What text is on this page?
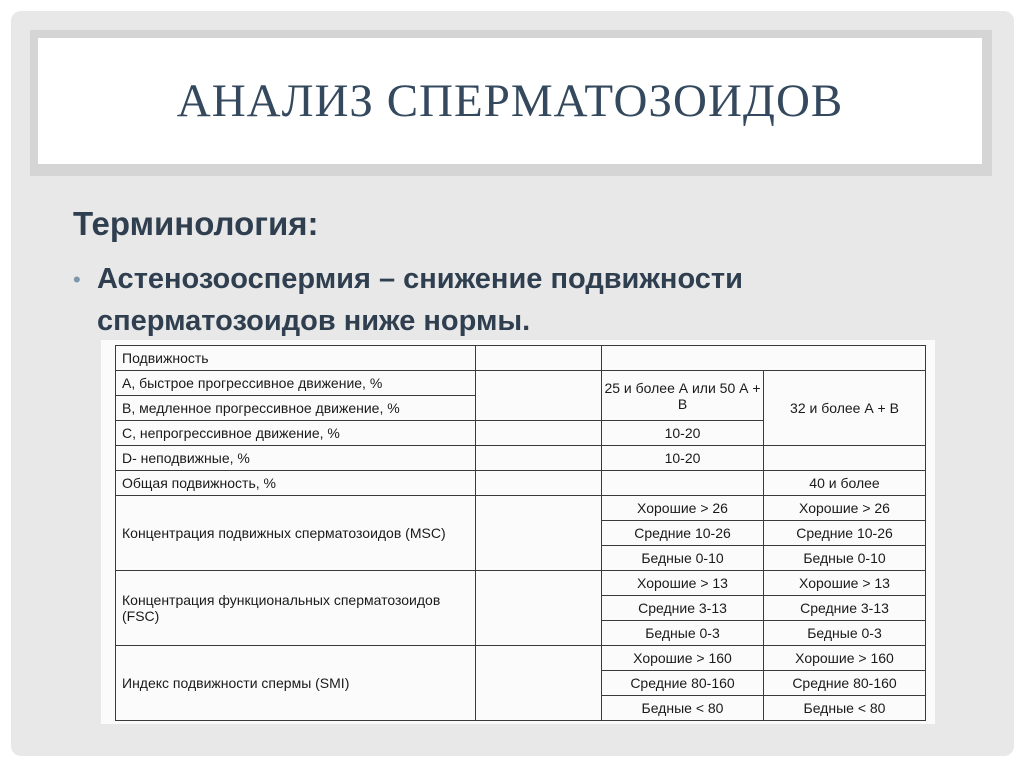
АНАЛИЗ СПЕРМАТОЗОИДОВ
Терминология:
• Астенозооспермия – снижение подвижности сперматозоидов ниже нормы.
Подвижность			
А, быстрое прогрессивное движение, %		25 и более А или 50 А + В	32 и более А + В
В, медленное прогрессивное движение, %			
С, непрогрессивное движение, %		10-20	
D- неподвижные, %		10-20	
Общая подвижность, %			40 и более
Концентрация подвижных сперматозоидов (MSC)		Хорошие > 26	Хорошие > 26
		Средние 10-26	Средние 10-26
		Бедные 0-10	Бедные 0-10
Концентрация функциональных сперматозоидов (FSC)		Хорошие > 13	Хорошие > 13
		Средние 3-13	Средние 3-13
		Бедные 0-3	Бедные 0-3
Индекс подвижности спермы (SMI)		Хорошие > 160	Хорошие > 160
		Средние 80-160	Средние 80-160
		Бедные < 80	Бедные < 80
